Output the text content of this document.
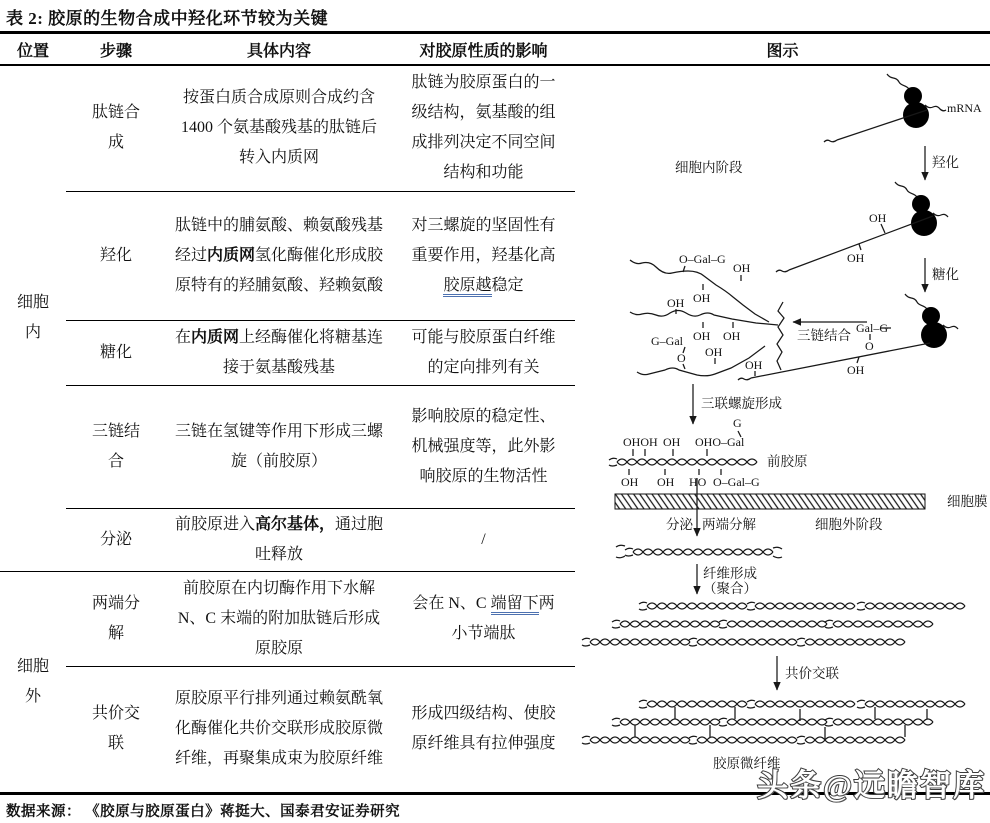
表 2: 胶原的生物合成中羟化环节较为关键
位置	步骤	具体内容	对胶原性质的影响	图示
细胞内	肽链合成	按蛋白质合成原则合成约含 1400 个氨基酸残基的肽链后转入内质网	肽链为胶原蛋白的一级结构，氨基酸的组成排列决定不同空间结构和功能	
mRNA
羟化
细胞内阶段
OH
OH
糖化
Gal–G
O
OH
三链结合
O–Gal–G
OH
OH
OH
OH OH
G–Gal
O OH
OH
三联螺旋形成
OHOH OH OHO–Gal
G
OH OH HO O–Gal–G
前胶原
细胞膜
分泌 两端分解	细胞外阶段
纤维形成
（聚合）
共价交联
胶原微纤维

	羟化	肽链中的脯氨酸、赖氨酸残基经过内质网氢化酶催化形成胶原特有的羟脯氨酸、羟赖氨酸	对三螺旋的坚固性有重要作用，羟基化高胶原越稳定	
	糖化	在内质网上经酶催化将糖基连接于氨基酸残基	可能与胶原蛋白纤维的定向排列有关	
	三链结合	三链在氢键等作用下形成三螺旋（前胶原）	影响胶原的稳定性、机械强度等，此外影响胶原的生物活性	
	分泌	前胶原进入高尔基体，通过胞吐释放	/	
细胞外	两端分解	前胶原在内切酶作用下水解 N、C 末端的附加肽链后形成原胶原	会在 N、C 端留下两小节端肽	
	共价交联	原胶原平行排列通过赖氨酰氧化酶催化共价交联形成胶原微纤维，再聚集成束为胶原纤维	形成四级结构、使胶原纤维具有拉伸强度	
数据来源： 《胶原与胶原蛋白》蒋挺大、国泰君安证券研究
头条@远瞻智库
